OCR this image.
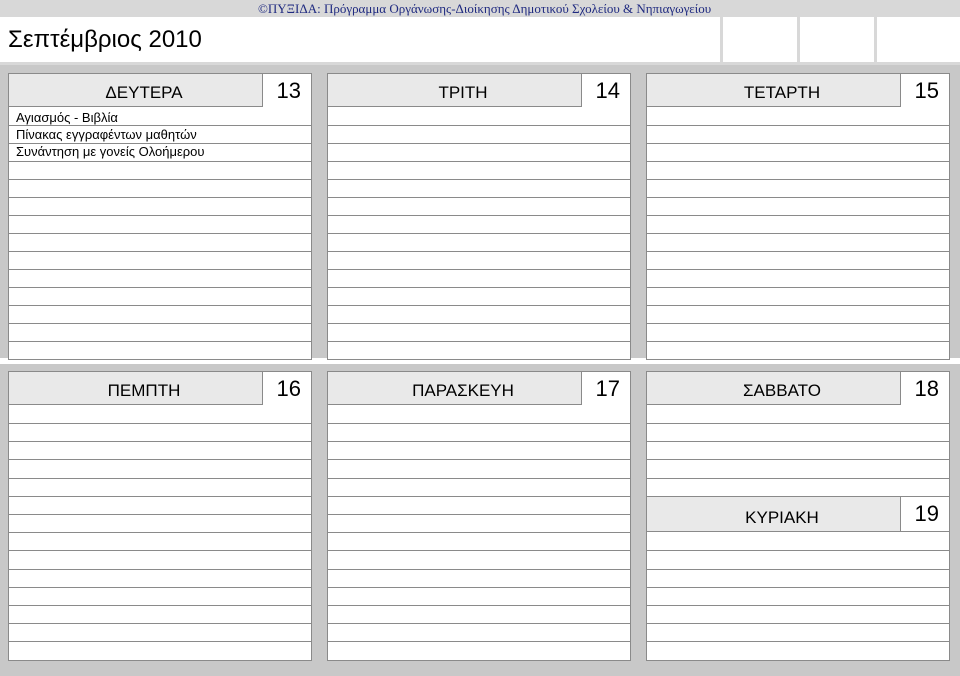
©ΠΥΞΙΔΑ: Πρόγραμμα Οργάνωσης-Διοίκησης Δημοτικού Σχολείου & Νηπιαγωγείου
Σεπτέμβριος 2010
ΔΕΥΤΕΡΑ	13
Αγιασμός - Βιβλία
Πίνακας εγγραφέντων μαθητών
Συνάντηση με γονείς Ολοήμερου
ΤΡΙΤΗ	14	ΤΕΤΑΡΤΗ	15
ΠΕΜΠΤΗ	16	ΠΑΡΑΣΚΕΥΗ	17	ΣΑΒΒΑΤΟ	18
ΚΥΡΙΑΚΗ	19
